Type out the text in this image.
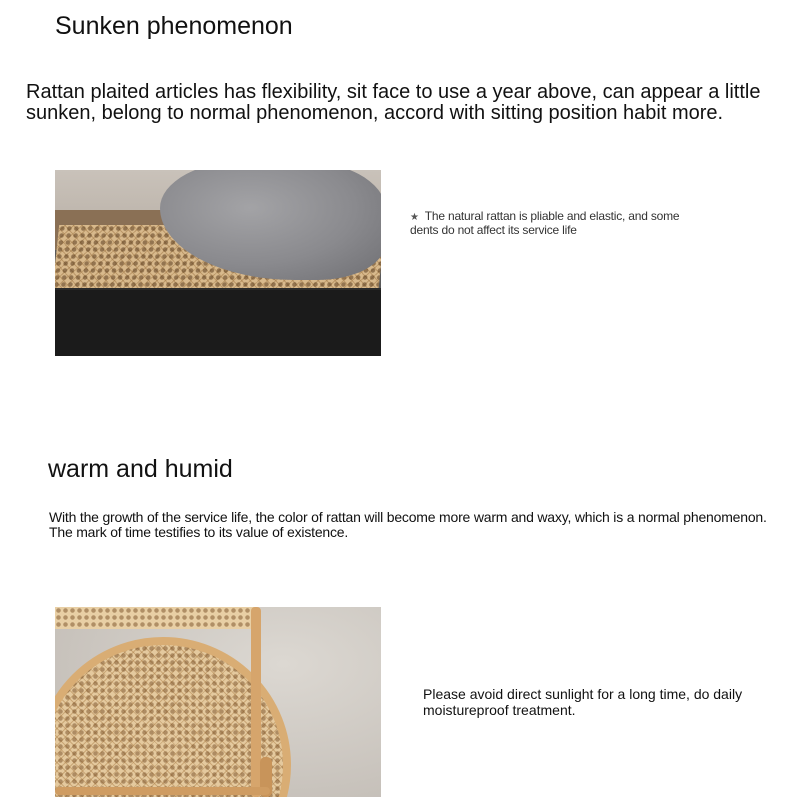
Sunken phenomenon
Rattan plaited articles has flexibility, sit face to use a year above, can appear a little sunken, belong to normal phenomenon, accord with sitting position habit more.
★ The natural rattan is pliable and elastic, and some dents do not affect its service life
warm and humid
With the growth of the service life, the color of rattan will become more warm and waxy, which is a normal phenomenon. The mark of time testifies to its value of existence.
Please avoid direct sunlight for a long time, do daily moistureproof treatment.
